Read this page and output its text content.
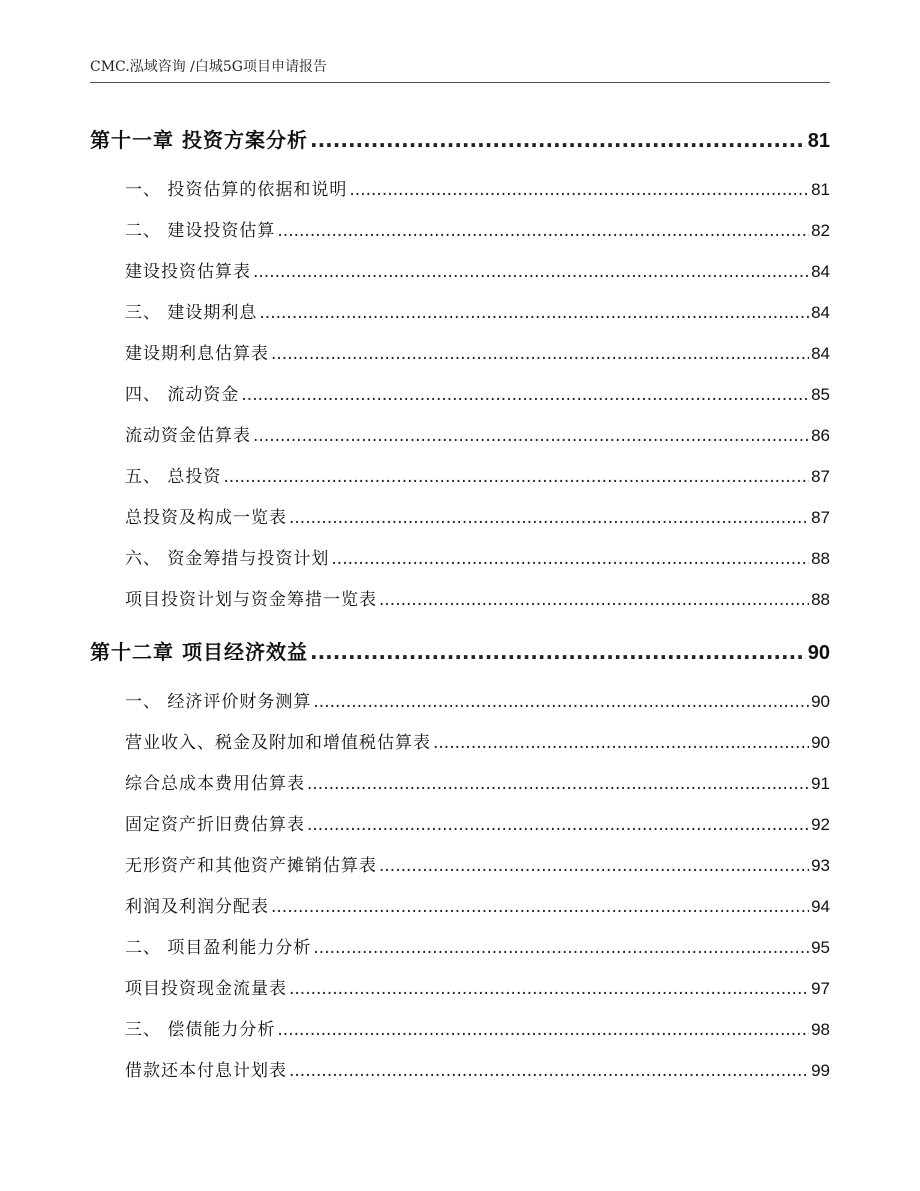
CMC.泓域咨询 /白城5G项目申请报告
第十一章 投资方案分析 .....	81
一、 投资估算的依据和说明 .....	81
二、 建设投资估算 .....	82
建设投资估算表 .....	84
三、 建设期利息 .....	84
建设期利息估算表 .....	84
四、 流动资金 .....	85
流动资金估算表 .....	86
五、 总投资 .....	87
总投资及构成一览表 .....	87
六、 资金筹措与投资计划 .....	88
项目投资计划与资金筹措一览表 .....	88
第十二章 项目经济效益 .....	90
一、 经济评价财务测算 .....	90
营业收入、税金及附加和增值税估算表 .....	90
综合总成本费用估算表 .....	91
固定资产折旧费估算表 .....	92
无形资产和其他资产摊销估算表 .....	93
利润及利润分配表 .....	94
二、 项目盈利能力分析 .....	95
项目投资现金流量表 .....	97
三、 偿债能力分析 .....	98
借款还本付息计划表 .....	99
